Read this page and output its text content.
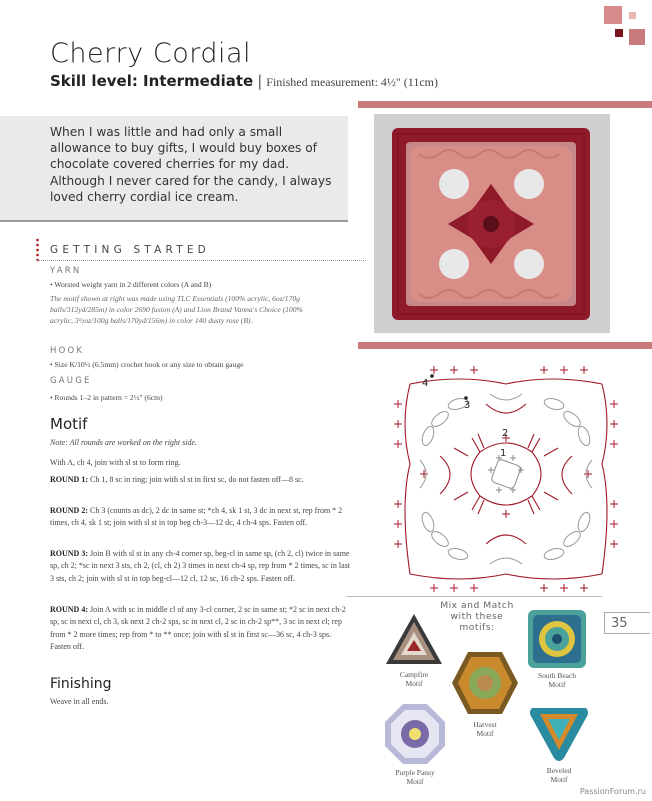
Cherry Cordial
Skill level: Intermediate | Finished measurement: 4½" (11cm)

When I was little and had only a small allowance to buy gifts, I would buy boxes of chocolate covered cherries for my dad. Although I never cared for the candy, I always loved cherry cordial ice cream.

GETTING STARTED
YARN
• Worsted weight yarn in 2 different colors (A and B)
The motif shown at right was made using TLC Essentials (100% acrylic, 6oz/170g balls/312yd/285m) in color 2690 fusion (A) and Lion Brand Vanna's Choice (100% acrylic, 3½oz/100g balls/170yd/156m) in color 140 dusty rose (B).
HOOK
• Size K/10½ (6.5mm) crochet hook or any size to obtain gauge
GAUGE
• Rounds 1–2 in pattern = 2½" (6cm)
Motif
Note: All rounds are worked on the right side.
With A, ch 4, join with sl st to form ring.
ROUND 1: Ch 1, 8 sc in ring; join with sl st in first sc, do not fasten off—8 sc.
ROUND 2: Ch 3 (counts as dc), 2 dc in same st; *ch 4, sk 1 st, 3 dc in next st, rep from * 2 times, ch 4, sk 1 st; join with sl st in top beg ch-3—12 dc, 4 ch-4 sps. Fasten off.
ROUND 3: Join B with sl st in any ch-4 corner sp, beg-cl in same sp, (ch 2, cl) twice in same sp, ch 2; *sc in next 3 sts, ch 2, (cl, ch 2) 3 times in next ch-4 sp, rep from * 2 times, sc in last 3 sts, ch 2; join with sl st in top beg-cl—12 cl, 12 sc, 16 ch-2 sps. Fasten off.
ROUND 4: Join A with sc in middle cl of any 3-cl corner, 2 sc in same st; *2 sc in next ch-2 sp, sc in next cl, ch 3, sk next 2 ch-2 sps, sc in next cl, 2 sc in ch-2 sp**, 3 sc in next cl; rep from * 2 more times; rep from * to ** once; join with sl st in first sc—36 sc, 4 ch-3 sps. Fasten off.
Finishing
Weave in all ends.
4
3
2
1
Mix and Match
with these
motifs:
Campfire
Motif
Harvest
Motif
South Beach
Motif
Purple Pansy
Motif
Beveled
Motif
35
PassionForum.ru
